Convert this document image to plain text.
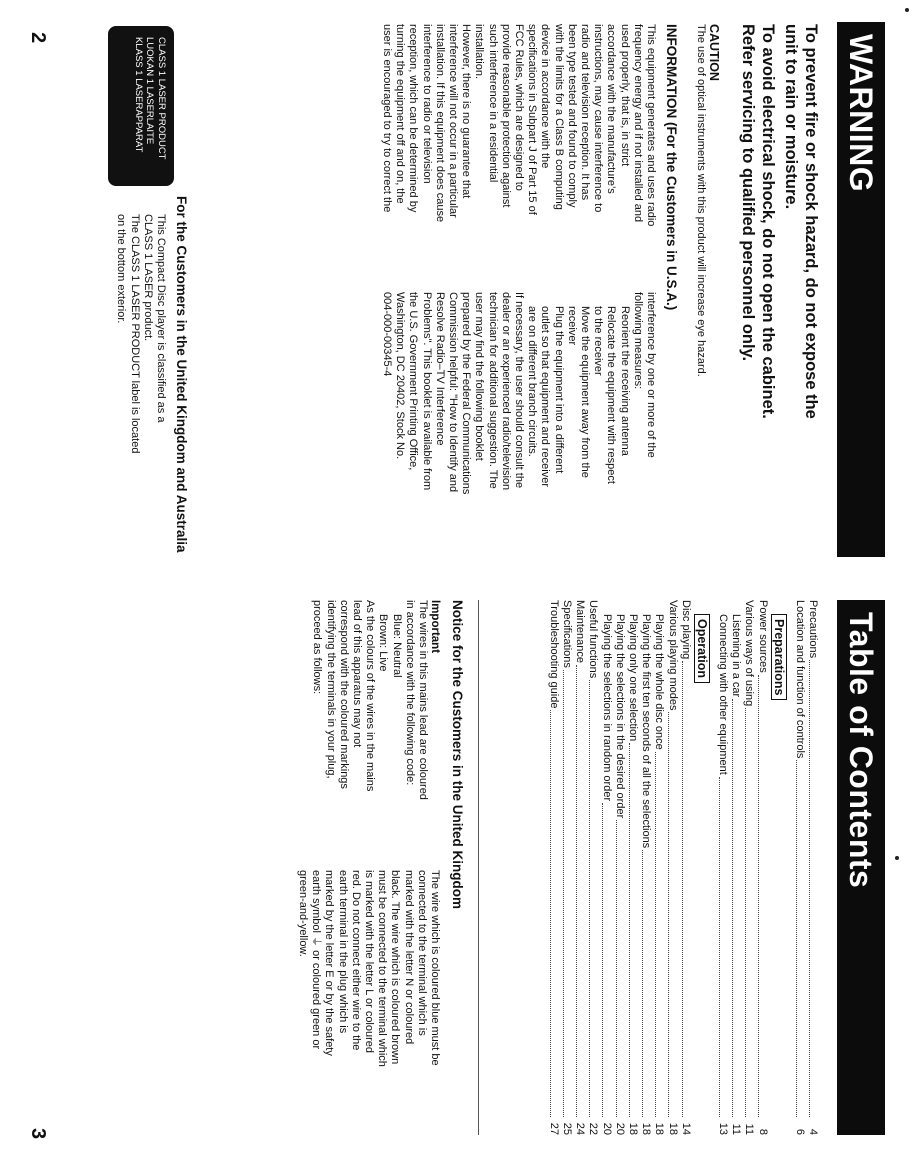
WARNING

To prevent fire or shock hazard, do not expose the

unit to rain or moisture.

To avoid electrical shock, do not open the cabinet.

Refer servicing to qualified personnel only.

CAUTION

The use of optical instruments with this product will increase eye hazard.

INFORMATION (For the Customers in U.S.A.)

This equipment generates and uses radio

frequency energy and if not installed and

used properly, that is, in strict

accordance with the manufacture’s

instructions, may cause interference to

radio and television reception. It has

been type tested and found to comply

with the limits for a Class B computing

device in accordance with the

specifications in Subpart J of Part 15 of

FCC Rules, which are designed to

provide reasonable protection against

such interference in a residential

installation.

However, there is no guarantee that

interference will not occur in a particular

installation. If this equipment does cause

interference to radio or television

reception, which can be determined by

turning the equipment off and on, the

user is encouraged to try to correct the

interference by one or more of the

following measures:

Reorient the receiving antenna

Relocate the equipment with respect

to the receiver

Move the equipment away from the

receiver

Plug the equipment into a different

outlet so that equipment and receiver

are on different branch circuits.

If necessary, the user should consult the

dealer or an experienced radio/television

technician for additional suggestion. The

user may find the following booklet

prepared by the Federal Communications

Commission helpful: "How to Identify and

Resolve Radio–TV Interference

Problems". This booklet is available from

the U.S. Government Printing Office,

Washington, DC 20402, Stock No.

004-000-00345-4

For the Customers in the United Kingdom and Australia

This Compact Disc player is classified as a

CLASS 1 LASER product.

The CLASS 1 LASER PRODUCT label is located

on the bottom exterior.

CLASS 1 LASER PRODUCT

LUOKAN 1 LASERLAITE

KLASS 1 LASERAPPARAT

2
Table of Contents
Precautions
4
Location and function of controls
6
Preparations
Power sources
8
Various ways of using
11
Listening in a car
11
Connecting with other equipment
13
Operation
Disc playing
14
Various playing modes
18
Playing the whole disc once
18
Playing the first ten seconds of all the selections
18
Playing only one selection
18
Playing the selections in the desired order
20
Playing the selections in random order
20
Useful functions
22
Maintenance
24
Specifications
25
Troubleshooting guide
27
Notice for the Customers in the United Kingdom

Important

The wires in this mains lead are coloured

in accordance with the following code:

Blue: Neutral

Brown: Live

As the colours of the wires in the mains

lead of this apparatus may not

correspond with the coloured markings

identifying the terminals in your plug,

proceed as follows:

The wire which is coloured blue must be

connected to the terminal which is

marked with the letter N or coloured

black. The wire which is coloured brown

must be connected to the terminal which

is marked with the letter L or coloured

red. Do not connect either wire to the

earth terminal in the plug which is

marked by the letter E or by the safety

earth symbol ⏚ or coloured green or

green-and-yellow.

3
